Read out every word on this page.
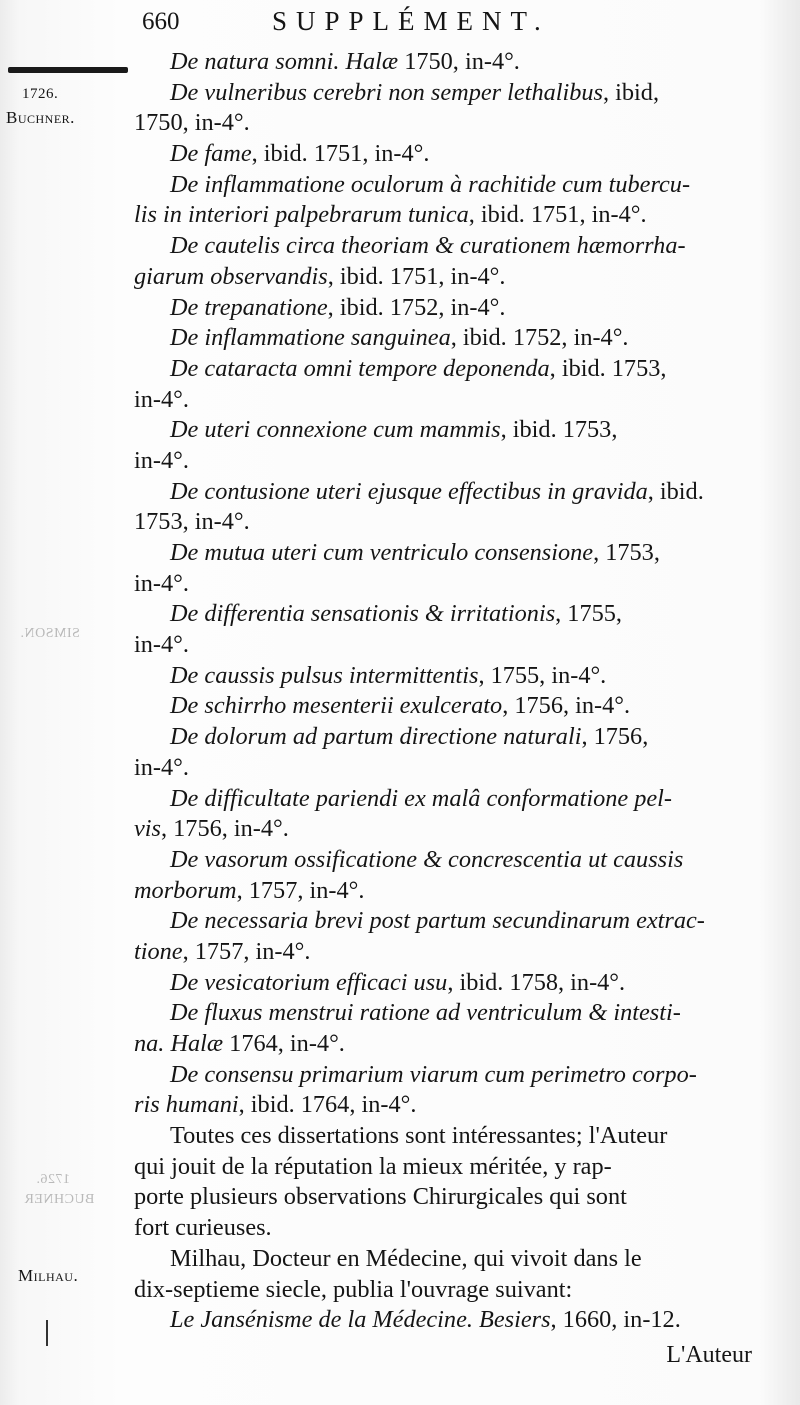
660	SUPPLÉMENT.
1726.
Buchner.
SIMSON.
1726.
BUCHNER
Milhau.
De natura somni. Halæ 1750, in-4°.
De vulneribus cerebri non semper lethalibus, ibid,
1750, in-4°.
De fame, ibid. 1751, in-4°.
De inflammatione oculorum à rachitide cum tubercu-
lis in interiori palpebrarum tunica, ibid. 1751, in-4°.
De cautelis circa theoriam & curationem hæmorrha-
giarum observandis, ibid. 1751, in-4°.
De trepanatione, ibid. 1752, in-4°.
De inflammatione sanguinea, ibid. 1752, in-4°.
De cataracta omni tempore deponenda, ibid. 1753,
in-4°.
De uteri connexione cum mammis, ibid. 1753,
in-4°.
De contusione uteri ejusque effectibus in gravida, ibid.
1753, in-4°.
De mutua uteri cum ventriculo consensione, 1753,
in-4°.
De differentia sensationis & irritationis, 1755,
in-4°.
De caussis pulsus intermittentis, 1755, in-4°.
De schirrho mesenterii exulcerato, 1756, in-4°.
De dolorum ad partum directione naturali, 1756,
in-4°.
De difficultate pariendi ex malâ conformatione pel-
vis, 1756, in-4°.
De vasorum ossificatione & concrescentia ut caussis
morborum, 1757, in-4°.
De necessaria brevi post partum secundinarum extrac-
tione, 1757, in-4°.
De vesicatorium efficaci usu, ibid. 1758, in-4°.
De fluxus menstrui ratione ad ventriculum & intesti-
na. Halæ 1764, in-4°.
De consensu primarium viarum cum perimetro corpo-
ris humani, ibid. 1764, in-4°.
Toutes ces dissertations sont intéressantes; l'Auteur
qui jouit de la réputation la mieux méritée, y rap-
porte plusieurs observations Chirurgicales qui sont
fort curieuses.
Milhau, Docteur en Médecine, qui vivoit dans le
dix-septieme siecle, publia l'ouvrage suivant:
Le Jansénisme de la Médecine. Besiers, 1660, in-12.
L'Auteur
